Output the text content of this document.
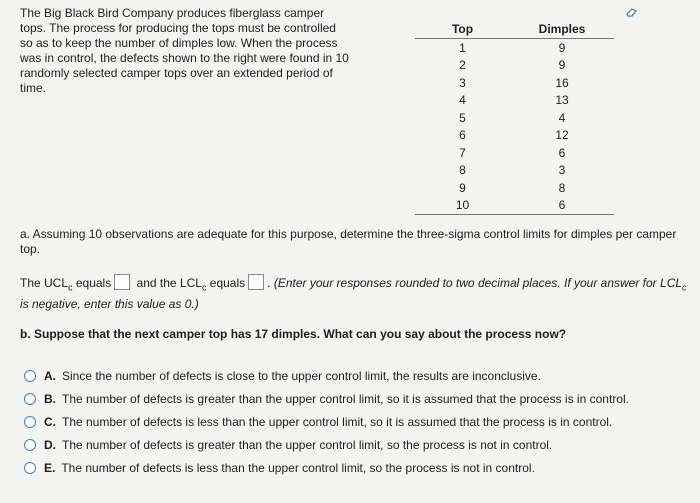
The Big Black Bird Company produces fiberglass camper tops. The process for producing the tops must be controlled so as to keep the number of dimples low. When the process was in control, the defects shown to the right were found in 10 randomly selected camper tops over an extended period of time.
Top	Dimples
1	9
2	9
3	16
4	13
5	4
6	12
7	6
8	3
9	8
10	6
a. Assuming 10 observations are adequate for this purpose, determine the three-sigma control limits for dimples per camper top.
The $UCL_c$ equals and the $LCL_c$ equals . (Enter your responses rounded to two decimal places. If your answer for $LCL_c$ is negative, enter this value as 0.)
b. Suppose that the next camper top has 17 dimples. What can you say about the process now?
A. Since the number of defects is close to the upper control limit, the results are inconclusive.
B. The number of defects is greater than the upper control limit, so it is assumed that the process is in control.
C. The number of defects is less than the upper control limit, so it is assumed that the process is in control.
D. The number of defects is greater than the upper control limit, so the process is not in control.
E. The number of defects is less than the upper control limit, so the process is not in control.
